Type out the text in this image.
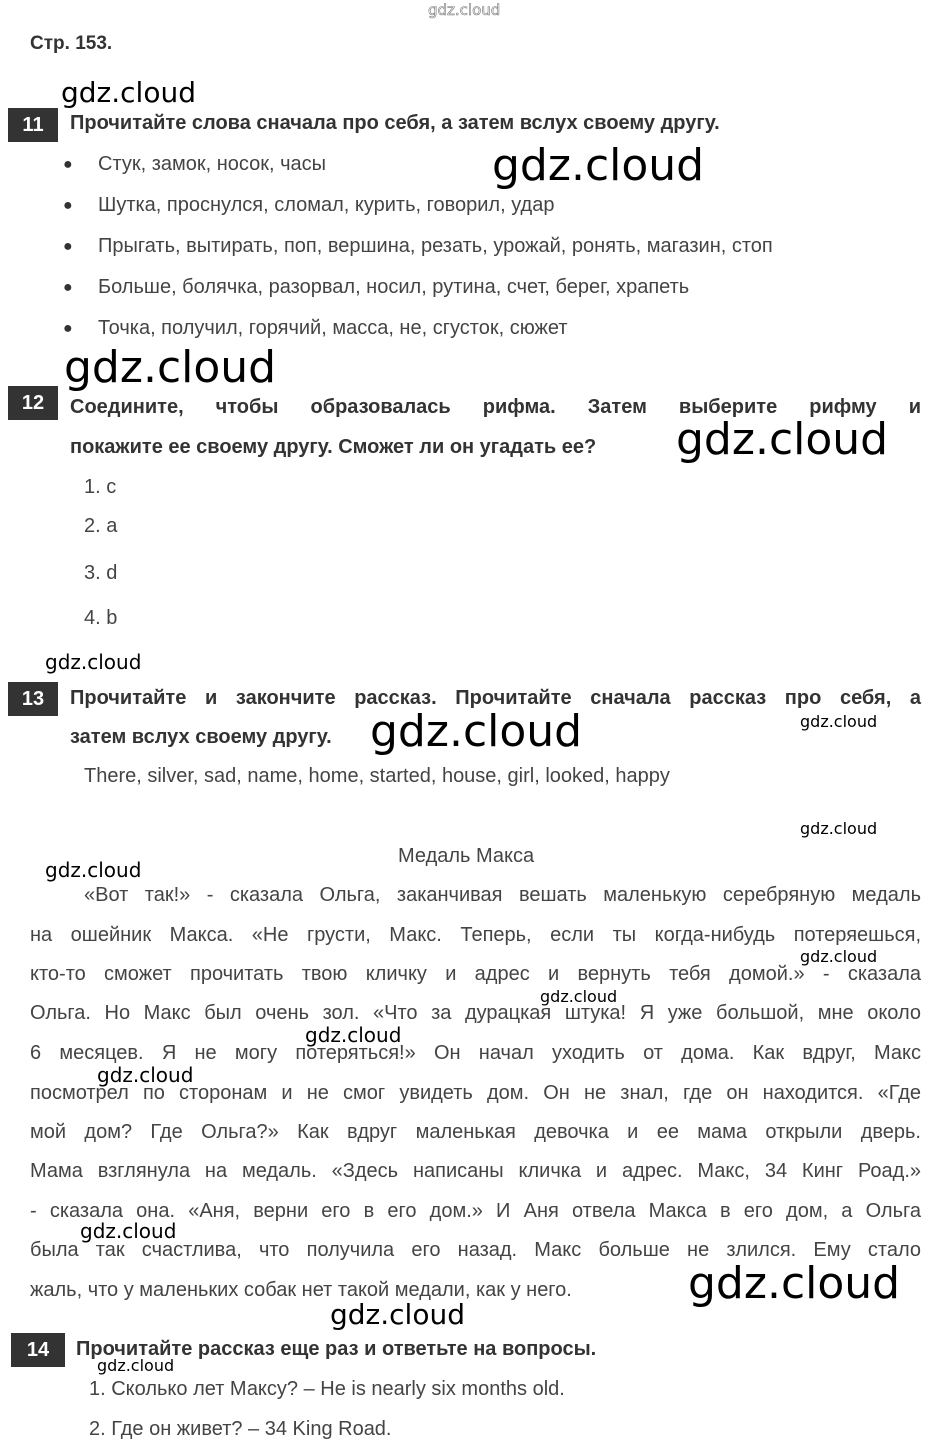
gdz.cloud
Стр. 153.
11	Прочитайте слова сначала про себя, а затем вслух своему другу.
● Стук, замок, носок, часы
● Шутка, проснулся, сломал, курить, говорил, удар
● Прыгать, вытирать, поп, вершина, резать, урожай, ронять, магазин, стоп
● Больше, болячка, разорвал, носил, рутина, счет, берег, храпеть
● Точка, получил, горячий, масса, не, сгусток, сюжет
12	Соедините, чтобы образовалась рифма. Затем выберите рифму и
покажите ее своему другу. Сможет ли он угадать ее?
1. c
2. a
3. d
4. b
13	Прочитайте и закончите рассказ. Прочитайте сначала рассказ про себя, а
затем вслух своему другу.
There, silver, sad, name, home, started, house, girl, looked, happy
Медаль Макса
«Вот так!» - сказала Ольга, заканчивая вешать маленькую серебряную медаль
на ошейник Макса. «Не грусти, Макс. Теперь, если ты когда-нибудь потеряешься,
кто-то сможет прочитать твою кличку и адрес и вернуть тебя домой.» - сказала
Ольга. Но Макс был очень зол. «Что за дурацкая штука! Я уже большой, мне около
6 месяцев. Я не могу потеряться!» Он начал уходить от дома. Как вдруг, Макс
посмотрел по сторонам и не смог увидеть дом. Он не знал, где он находится. «Где
мой дом? Где Ольга?» Как вдруг маленькая девочка и ее мама открыли дверь.
Мама взглянула на медаль. «Здесь написаны кличка и адрес. Макс, 34 Кинг Роад.»
- сказала она. «Аня, верни его в его дом.» И Аня отвела Макса в его дом, а Ольга
была так счастлива, что получила его назад. Макс больше не злился. Ему стало
жаль, что у маленьких собак нет такой медали, как у него.
14	Прочитайте рассказ еще раз и ответьте на вопросы.
1. Сколько лет Максу? – He is nearly six months old.
2. Где он живет? – 34 King Road.
gdz.cloud
gdz.cloud
gdz.cloud
gdz.cloud
gdz.cloud
gdz.cloud	gdz.cloud
gdz.cloud
gdz.cloud
gdz.cloud
gdz.cloud
gdz.cloud
gdz.cloud
gdz.cloud
gdz.cloud
gdz.cloud
gdz.cloud
